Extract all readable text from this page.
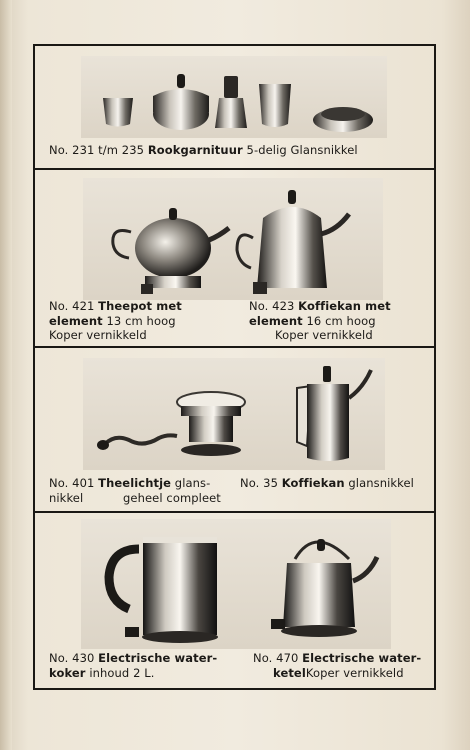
No. 231 t/m 235 Rookgarnituur 5-delig Glansnikkel
No. 421 Theepot met
element 13 cm hoog
Koper vernikkeld
No. 423 Koffiekan met
element 16 cm hoog
Koper vernikkeld
No. 401 Theelichtje glans-
nikkel	geheel compleet
No. 35 Koffiekan glansnikkel
No. 430 Electrische water-
koker inhoud 2 L.
No. 470 Electrische water-
ketelKoper vernikkeld
